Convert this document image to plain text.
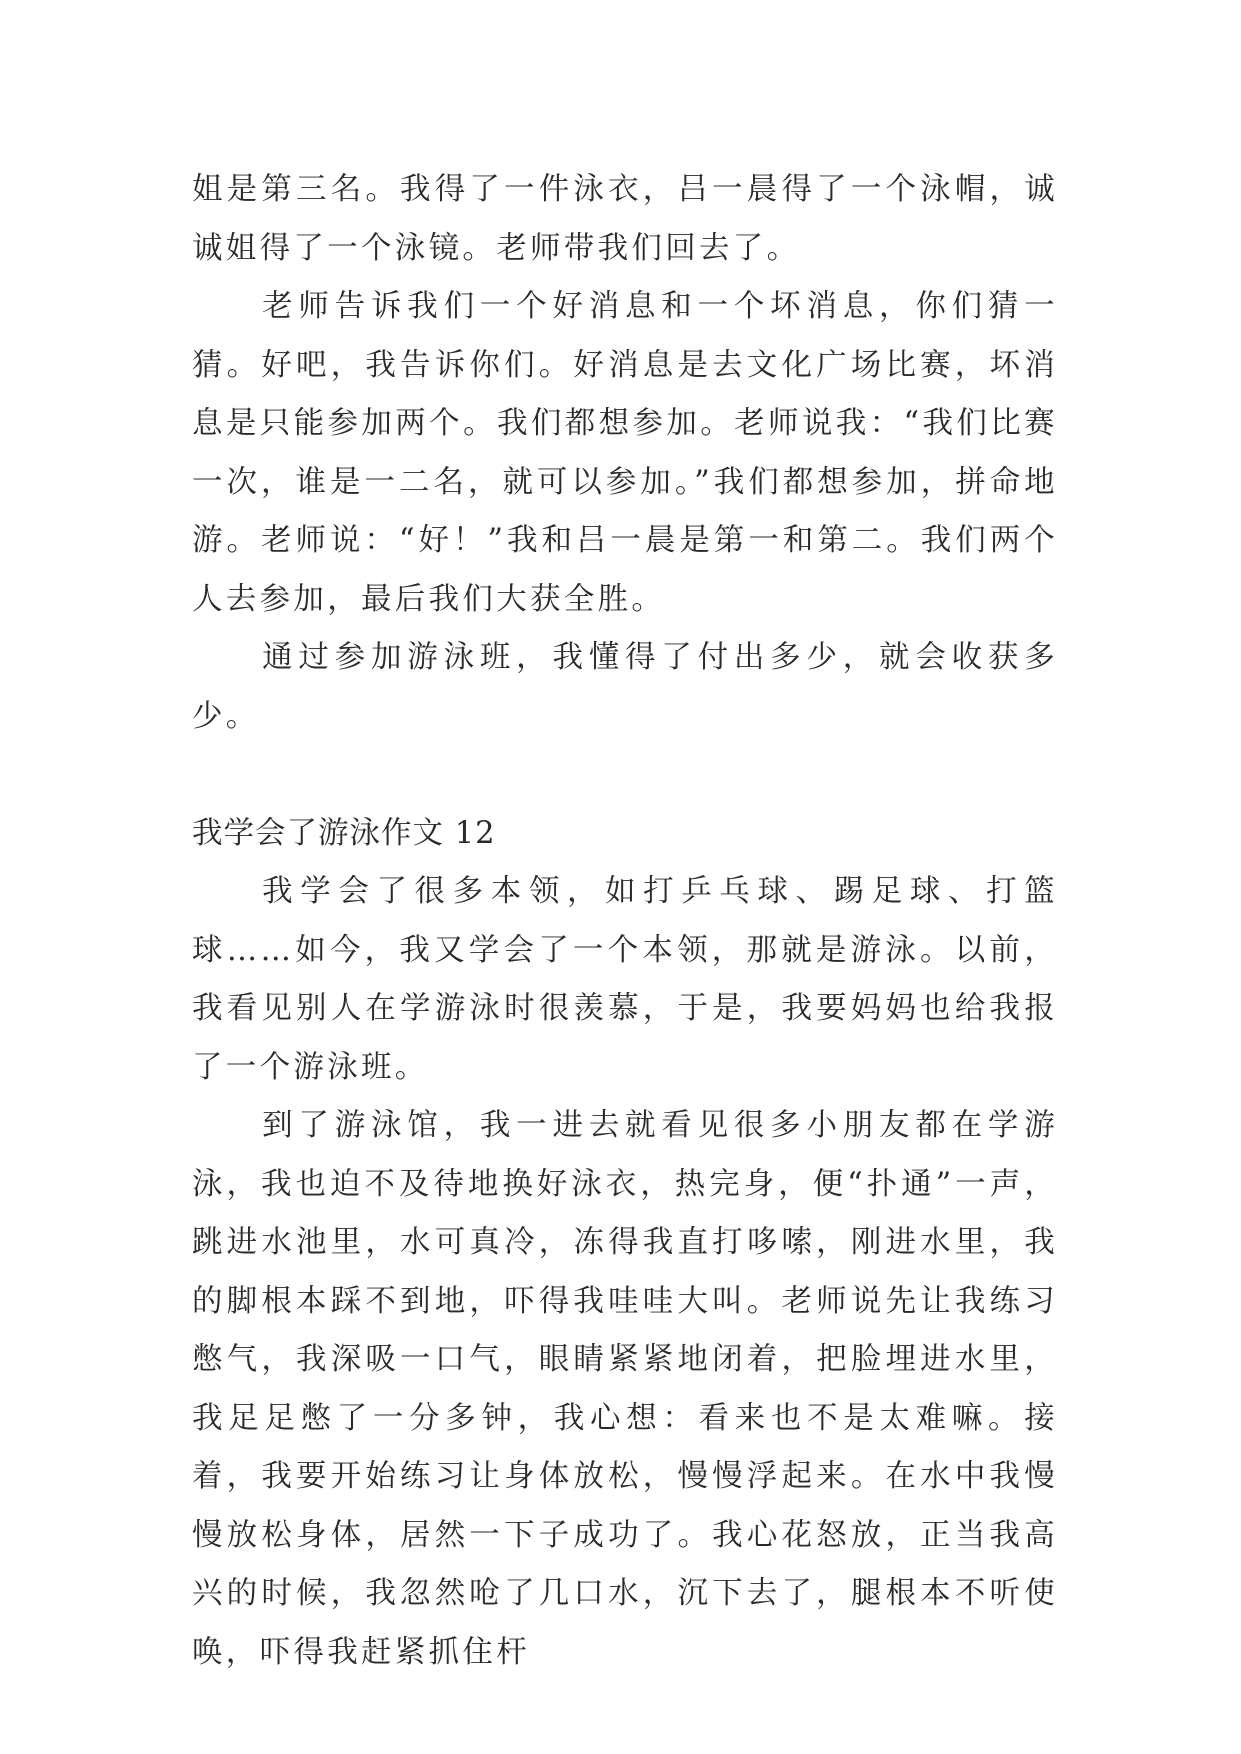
姐是第三名。我得了一件泳衣，吕一晨得了一个泳帽，诚诚姐得了一个泳镜。老师带我们回去了。

老师告诉我们一个好消息和一个坏消息，你们猜一猜。好吧，我告诉你们。好消息是去文化广场比赛，坏消息是只能参加两个。我们都想参加。老师说我：“我们比赛一次，谁是一二名，就可以参加。”我们都想参加，拼命地游。老师说：“好！”我和吕一晨是第一和第二。我们两个人去参加，最后我们大获全胜。

通过参加游泳班，我懂得了付出多少，就会收获多少。

我学会了游泳作文 12

我学会了很多本领，如打乒乓球、踢足球、打篮球……如今，我又学会了一个本领，那就是游泳。以前，我看见别人在学游泳时很羡慕，于是，我要妈妈也给我报了一个游泳班。

到了游泳馆，我一进去就看见很多小朋友都在学游泳，我也迫不及待地换好泳衣，热完身，便“扑通”一声，跳进水池里，水可真冷，冻得我直打哆嗦，刚进水里，我的脚根本踩不到地，吓得我哇哇大叫。老师说先让我练习憋气，我深吸一口气，眼睛紧紧地闭着，把脸埋进水里，我足足憋了一分多钟，我心想：看来也不是太难嘛。接着，我要开始练习让身体放松，慢慢浮起来。在水中我慢慢放松身体，居然一下子成功了。我心花怒放，正当我高兴的时候，我忽然呛了几口水，沉下去了，腿根本不听使唤，吓得我赶紧抓住杆
